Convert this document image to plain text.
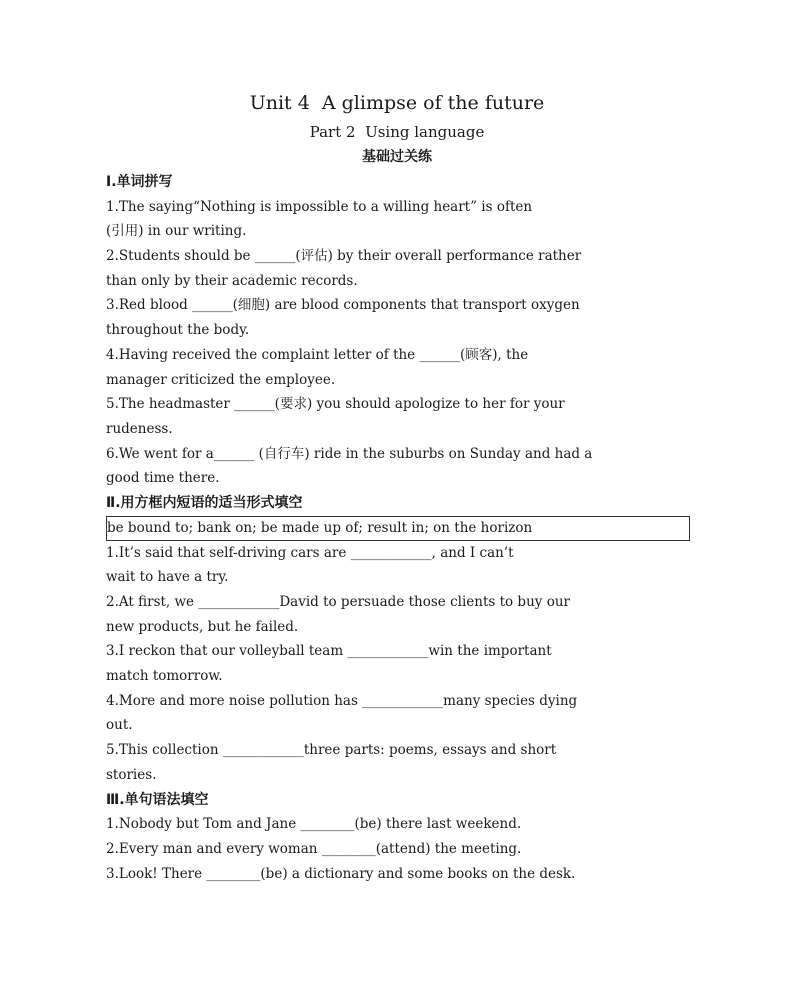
Unit 4  A glimpse of the future
Part 2  Using language
基础过关练
Ⅰ.单词拼写
1.The saying“Nothing is impossible to a willing heart” is often
(引用) in our writing.
2.Students should be ______(评估) by their overall performance rather
than only by their academic records.
3.Red blood ______(细胞) are blood components that transport oxygen
throughout the body.
4.Having received the complaint letter of the ______(顾客), the
manager criticized the employee.
5.The headmaster ______(要求) you should apologize to her for your
rudeness.
6.We went for a______ (自行车) ride in the suburbs on Sunday and had a
good time there.
Ⅱ.用方框内短语的适当形式填空
be bound to; bank on; be made up of; result in; on the horizon
1.It’s said that self-driving cars are ____________, and I can’t
wait to have a try.
2.At first, we ____________David to persuade those clients to buy our
new products, but he failed.
3.I reckon that our volleyball team ____________win the important
match tomorrow.
4.More and more noise pollution has ____________many species dying
out.
5.This collection ____________three parts: poems, essays and short
stories.
Ⅲ.单句语法填空
1.Nobody but Tom and Jane ________(be) there last weekend.
2.Every man and every woman ________(attend) the meeting.
3.Look! There ________(be) a dictionary and some books on the desk.
